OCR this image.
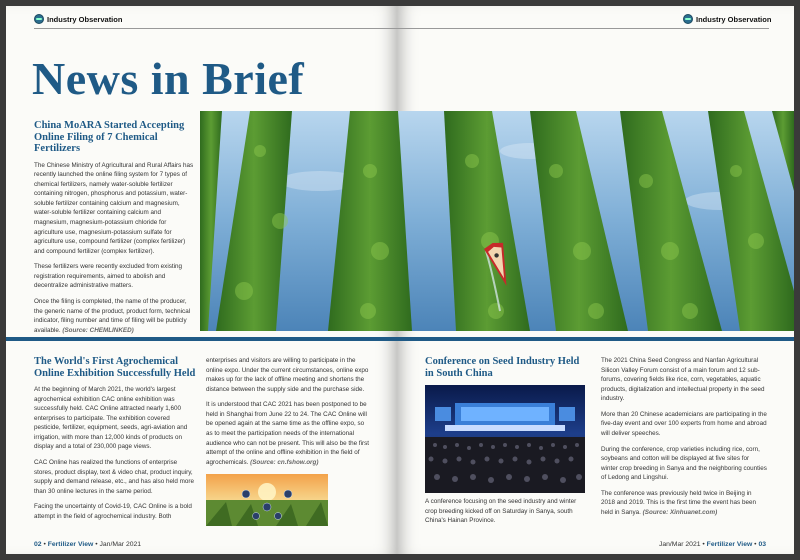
Industry Observation
News in Brief
China MoARA Started Accepting Online Filing of 7 Chemical Fertilizers

The Chinese Ministry of Agricultural and Rural Affairs has recently launched the online filing system for 7 types of chemical fertilizers, namely water-soluble fertilizer containing nitrogen, phosphorus and potassium, water-soluble fertilizer containing calcium and magnesium, water-soluble fertilizer containing calcium and magnesium, magnesium-potassium chloride for agriculture use, magnesium-potassium sulfate for agriculture use, compound fertilizer (complex fertilizer) and compound fertilizer (complex fertilizer).

These fertilizers were recently excluded from existing registration requirements, aimed to abolish and decentralize administrative matters.

Once the filing is completed, the name of the producer, the generic name of the product, product form, technical indicator, filing number and time of filing will be publicly available. (Source: CHEMLINKED)

The World's First Agrochemical Online Exhibition Successfully Held

At the beginning of March 2021, the world's largest agrochemical exhibition CAC online exhibition was successfully held. CAC Online attracted nearly 1,600 enterprises to participate. The exhibition covered pesticide, fertilizer, equipment, seeds, agri-aviation and irrigation, with more than 12,000 kinds of products on display and a total of 230,000 page views.

CAC Online has realized the functions of enterprise stores, product display, text & video chat, product inquiry, supply and demand release, etc., and has also held more than 30 online lectures in the same period.

Facing the uncertainty of Covid-19, CAC Online is a bold attempt in the field of agrochemical industry. Both

enterprises and visitors are willing to participate in the online expo. Under the current circumstances, online expo makes up for the lack of offline meeting and shortens the distance between the supply side and the purchase side.

It is understood that CAC 2021 has been postponed to be held in Shanghai from June 22 to 24. The CAC Online will be opened again at the same time as the offline expo, so as to meet the participation needs of the international audience who can not be present. This will also be the first attempt of the online and offline exhibition in the field of agrochemicals. (Source: cn.fshow.org)

02 • Fertilizer View • Jan/Mar 2021
Industry Observation
Conference on Seed Industry Held in South China
A conference focusing on the seed industry and winter crop breeding kicked off on Saturday in Sanya, south China's Hainan Province.

The 2021 China Seed Congress and Nanfan Agricultural Silicon Valley Forum consist of a main forum and 12 sub-forums, covering fields like rice, corn, vegetables, aquatic products, digitalization and intellectual property in the seed industry.

More than 20 Chinese academicians are participating in the five-day event and over 100 experts from home and abroad will deliver speeches.

During the conference, crop varieties including rice, corn, soybeans and cotton will be displayed at five sites for winter crop breeding in Sanya and the neighboring counties of Ledong and Lingshui.

The conference was previously held twice in Beijing in 2018 and 2019. This is the first time the event has been held in Sanya. (Source: Xinhuanet.com)

Jan/Mar 2021 • Fertilizer View • 03
